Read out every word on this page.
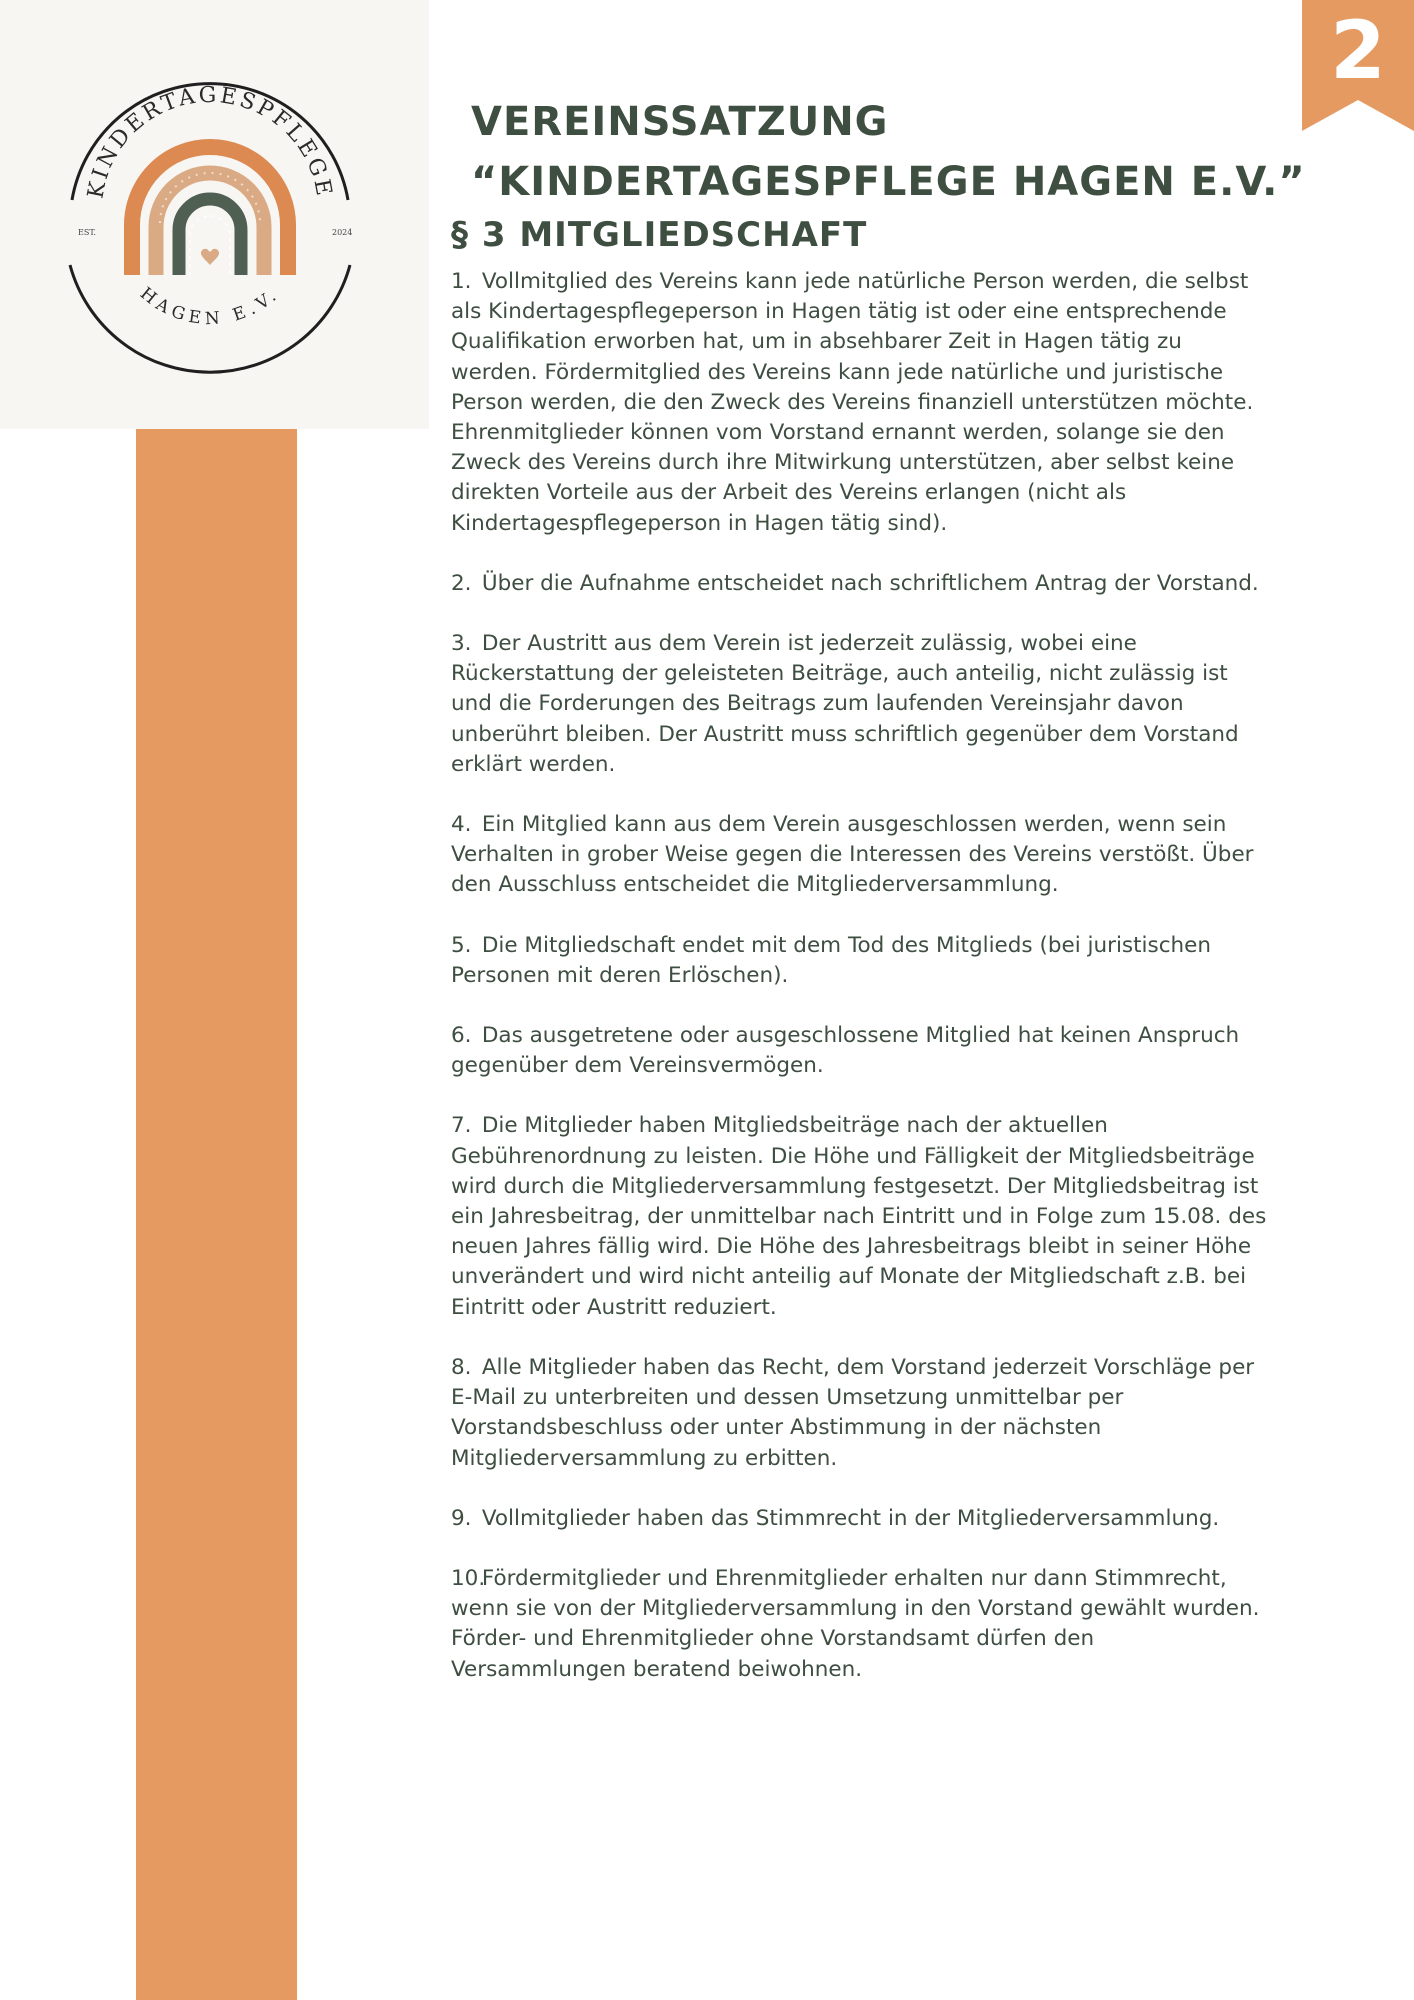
KINDERTAGESPFLEGE
HAGEN E.V.
EST.	2024
„KINDERTAGESPFLEGE HAGEN E.V.“
VEREINSSATZUNG
2
VEREINSSATZUNG
“KINDERTAGESPFLEGE HAGEN E.V.”
§ 3 MITGLIEDSCHAFT
1. Vollmitglied des Vereins kann jede natürliche Person werden, die selbst als Kindertagespflegeperson in Hagen tätig ist oder eine entsprechende Qualifikation erworben hat, um in absehbarer Zeit in Hagen tätig zu werden. Fördermitglied des Vereins kann jede natürliche und juristische Person werden, die den Zweck des Vereins finanziell unterstützen möchte. Ehrenmitglieder können vom Vorstand ernannt werden, solange sie den Zweck des Vereins durch ihre Mitwirkung unterstützen, aber selbst keine direkten Vorteile aus der Arbeit des Vereins erlangen (nicht als Kindertagespflegeperson in Hagen tätig sind).
2. Über die Aufnahme entscheidet nach schriftlichem Antrag der Vorstand.
3. Der Austritt aus dem Verein ist jederzeit zulässig, wobei eine Rückerstattung der geleisteten Beiträge, auch anteilig, nicht zulässig ist und die Forderungen des Beitrags zum laufenden Vereinsjahr davon unberührt bleiben. Der Austritt muss schriftlich gegenüber dem Vorstand erklärt werden.
4. Ein Mitglied kann aus dem Verein ausgeschlossen werden, wenn sein Verhalten in grober Weise gegen die Interessen des Vereins verstößt. Über den Ausschluss entscheidet die Mitgliederversammlung.
5. Die Mitgliedschaft endet mit dem Tod des Mitglieds (bei juristischen Personen mit deren Erlöschen).
6. Das ausgetretene oder ausgeschlossene Mitglied hat keinen Anspruch gegenüber dem Vereinsvermögen.
7. Die Mitglieder haben Mitgliedsbeiträge nach der aktuellen Gebührenordnung zu leisten. Die Höhe und Fälligkeit der Mitgliedsbeiträge wird durch die Mitgliederversammlung festgesetzt. Der Mitgliedsbeitrag ist ein Jahresbeitrag, der unmittelbar nach Eintritt und in Folge zum 15.08. des neuen Jahres fällig wird. Die Höhe des Jahresbeitrags bleibt in seiner Höhe unverändert und wird nicht anteilig auf Monate der Mitgliedschaft z.B. bei Eintritt oder Austritt reduziert.
8. Alle Mitglieder haben das Recht, dem Vorstand jederzeit Vorschläge per E-Mail zu unterbreiten und dessen Umsetzung unmittelbar per Vorstandsbeschluss oder unter Abstimmung in der nächsten Mitgliederversammlung zu erbitten.
9. Vollmitglieder haben das Stimmrecht in der Mitgliederversammlung.
10. Fördermitglieder und Ehrenmitglieder erhalten nur dann Stimmrecht, wenn sie von der Mitgliederversammlung in den Vorstand gewählt wurden. Förder- und Ehrenmitglieder ohne Vorstandsamt dürfen den Versammlungen beratend beiwohnen.
